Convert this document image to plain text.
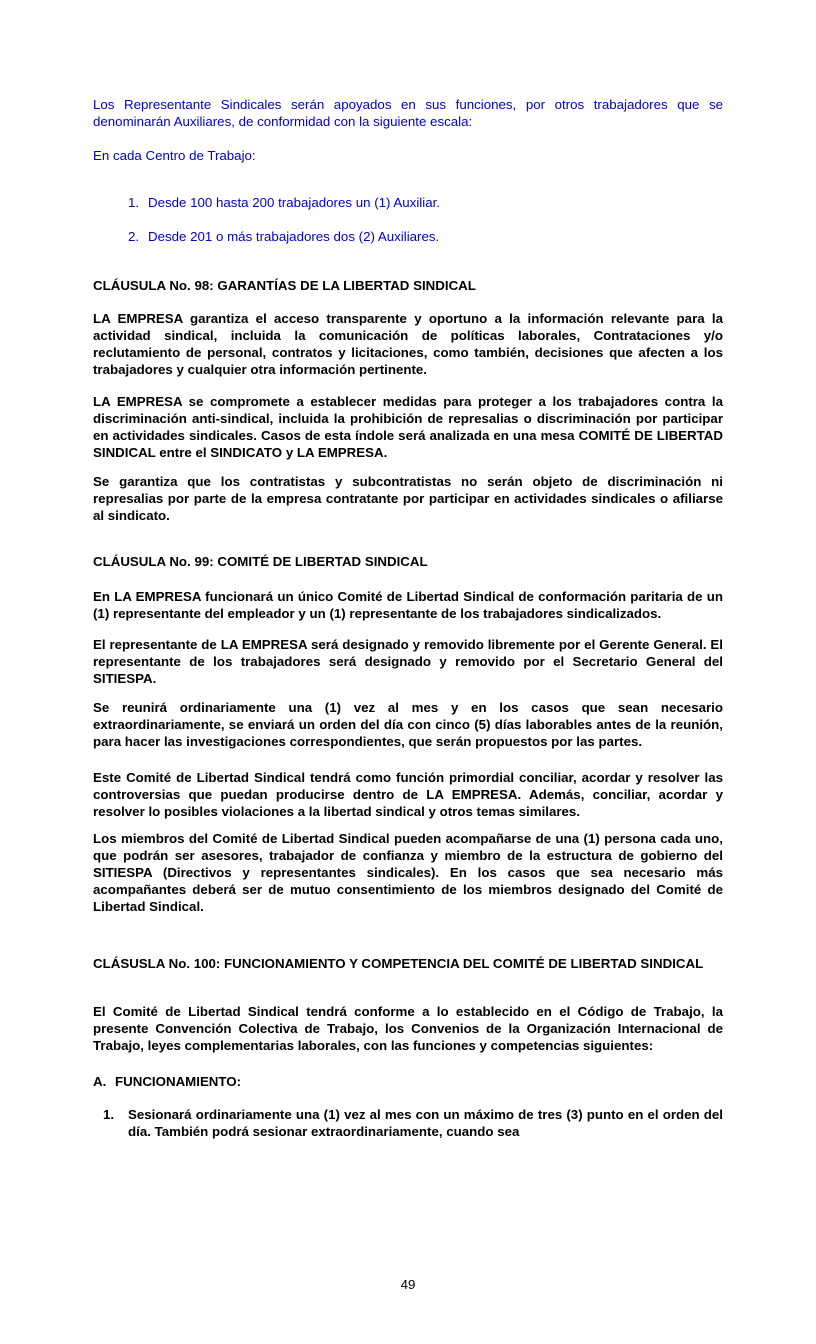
Los Representante Sindicales serán apoyados en sus funciones, por otros trabajadores que se denominarán Auxiliares, de conformidad con la siguiente escala:

En cada Centro de Trabajo:

1. Desde 100 hasta 200 trabajadores un (1) Auxiliar.
2. Desde 201 o más trabajadores dos (2) Auxiliares.
CLÁUSULA No. 98: GARANTÍAS DE LA LIBERTAD SINDICAL

LA EMPRESA garantiza el acceso transparente y oportuno a la información relevante para la actividad sindical, incluida la comunicación de políticas laborales, Contrataciones y/o reclutamiento de personal, contratos y licitaciones, como también, decisiones que afecten a los trabajadores y cualquier otra información pertinente.

LA EMPRESA se compromete a establecer medidas para proteger a los trabajadores contra la discriminación anti-sindical, incluida la prohibición de represalias o discriminación por participar en actividades sindicales. Casos de esta índole será analizada en una mesa COMITÉ DE LIBERTAD SINDICAL entre el SINDICATO y LA EMPRESA.

Se garantiza que los contratistas y subcontratistas no serán objeto de discriminación ni represalias por parte de la empresa contratante por participar en actividades sindicales o afiliarse al sindicato.

CLÁUSULA No. 99: COMITÉ DE LIBERTAD SINDICAL

En LA EMPRESA funcionará un único Comité de Libertad Sindical de conformación paritaria de un (1) representante del empleador y un (1) representante de los trabajadores sindicalizados.

El representante de LA EMPRESA será designado y removido libremente por el Gerente General. El representante de los trabajadores será designado y removido por el Secretario General del SITIESPA.

Se reunirá ordinariamente una (1) vez al mes y en los casos que sean necesario extraordinariamente, se enviará un orden del día con cinco (5) días laborables antes de la reunión, para hacer las investigaciones correspondientes, que serán propuestos por las partes.

Este Comité de Libertad Sindical tendrá como función primordial conciliar, acordar y resolver las controversias que puedan producirse dentro de LA EMPRESA. Además, conciliar, acordar y resolver lo posibles violaciones a la libertad sindical y otros temas similares.

Los miembros del Comité de Libertad Sindical pueden acompañarse de una (1) persona cada uno, que podrán ser asesores, trabajador de confianza y miembro de la estructura de gobierno del SITIESPA (Directivos y representantes sindicales). En los casos que sea necesario más acompañantes deberá ser de mutuo consentimiento de los miembros designado del Comité de Libertad Sindical.

CLÁSUSLA No. 100: FUNCIONAMIENTO Y COMPETENCIA DEL COMITÉ DE LIBERTAD SINDICAL

El Comité de Libertad Sindical tendrá conforme a lo establecido en el Código de Trabajo, la presente Convención Colectiva de Trabajo, los Convenios de la Organización Internacional de Trabajo, leyes complementarias laborales, con las funciones y competencias siguientes:

A. FUNCIONAMIENTO:
1.	Sesionará ordinariamente una (1) vez al mes con un máximo de tres (3) punto en el orden del día. También podrá sesionar extraordinariamente, cuando sea
49
